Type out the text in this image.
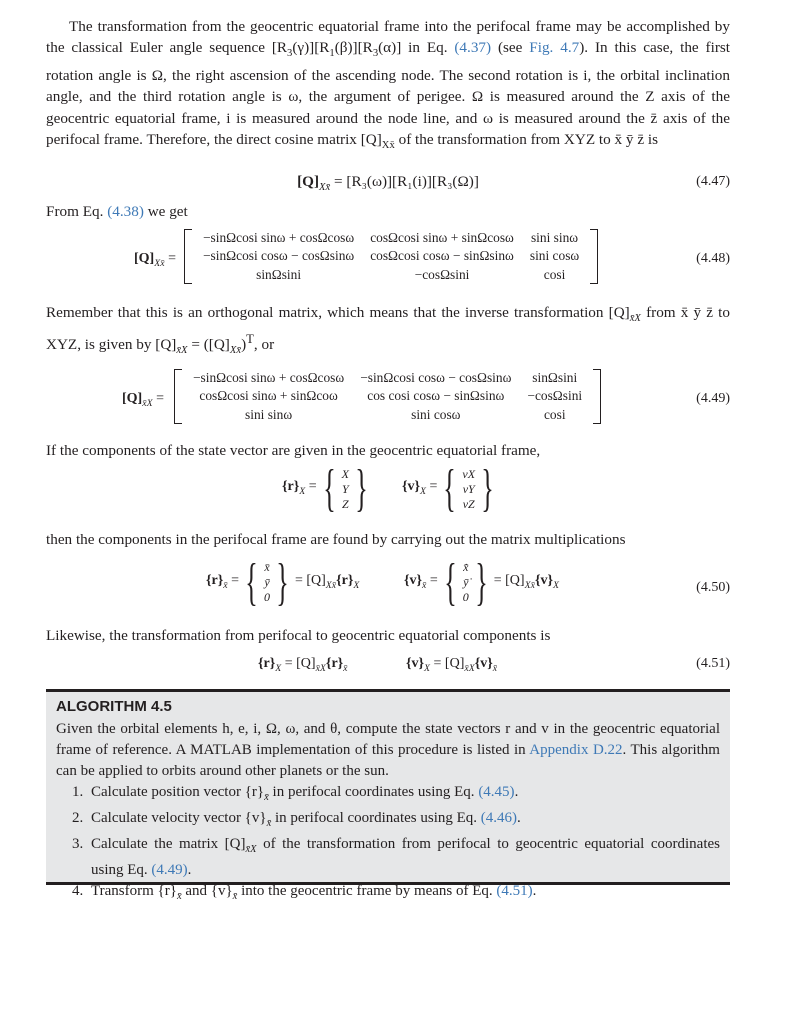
The transformation from the geocentric equatorial frame into the perifocal frame may be accomplished by the classical Euler angle sequence $[R_3(\gamma)][R_1(\beta)][R_3(\alpha)]$ in Eq. (4.37) (see Fig. 4.7). In this case, the first rotation angle is Ω, the right ascension of the ascending node. The second rotation is i, the orbital inclination angle, and the third rotation angle is ω, the argument of perigee. Ω is measured around the Z axis of the geocentric equatorial frame, i is measured around the node line, and ω is measured around the z̄ axis of the perifocal frame. Therefore, the direct cosine matrix $[Q]_{Xx̄}$ of the transformation from XYZ to x̄ ȳ z̄ is

$[Q]_{Xx̄} = [R_3(\omega)][R_1(i)][R_3(\Omega)]$	(4.47)

From Eq. (4.38) we get

$[Q]_{Xx̄}$ =
−sinΩcosi sinω + cosΩcosω	cosΩcosi sinω + sinΩcosω	sini sinω
−sinΩcosi cosω − cosΩsinω	cosΩcosi cosω − sinΩsinω	sini cosω
sinΩsini	−cosΩsini	cosi
(4.48)

Remember that this is an orthogonal matrix, which means that the inverse transformation $[Q]_{x̄X}$ from x̄ ȳ z̄ to XYZ, is given by $[Q]_{x̄X} = ([Q]_{Xx̄})^T$, or

$[Q]_{x̄X}$ =
−sinΩcosi sinω + cosΩcosω	−sinΩcosi cosω − cosΩsinω	sinΩsini
cosΩcosi sinω + sinΩcoω	cos cosi cosω − sinΩsinω	−cosΩsini
sini sinω	sini cosω	cosi
(4.49)

If the components of the state vector are given in the geocentric equatorial frame,

$\{r\}_X$ = { X
Y
Z } $\{v\}_X$ = { vX
vY
vZ }

then the components in the perifocal frame are found by carrying out the matrix multiplications

$\{r\}_{x̄}$ = { x̄
ȳ
0 } = $[Q]_{Xx̄}\{r\}_X$	$\{v\}_{x̄}$ = { x̄̇
ȳ̇
0 } = $[Q]_{Xx̄}\{v\}_X$	(4.50)

Likewise, the transformation from perifocal to geocentric equatorial components is

$\{r\}_X = [Q]_{x̄X}\{r\}_{x̄}$	$\{v\}_X = [Q]_{x̄X}\{v\}_{x̄}$	(4.51)
ALGORITHM 4.5
Given the orbital elements h, e, i, Ω, ω, and θ, compute the state vectors r and v in the geocentric equatorial frame of reference. A MATLAB implementation of this procedure is listed in Appendix D.22. This algorithm can be applied to orbits around other planets or the sun.
1. Calculate position vector $\{r\}_{x̄}$ in perifocal coordinates using Eq. (4.45).
2. Calculate velocity vector $\{v\}_{x̄}$ in perifocal coordinates using Eq. (4.46).
3. Calculate the matrix $[Q]_{x̄X}$ of the transformation from perifocal to geocentric equatorial coordinates using Eq. (4.49).
4. Transform $\{r\}_{x̄}$ and $\{v\}_{x̄}$ into the geocentric frame by means of Eq. (4.51).
